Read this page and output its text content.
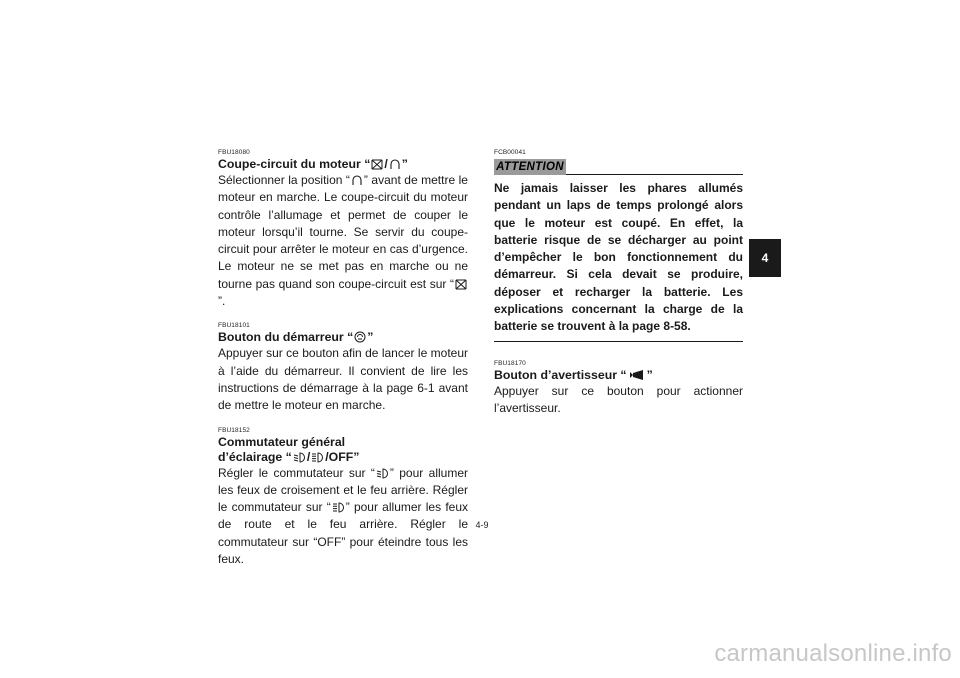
FBU18080

Coupe-circuit du moteur “ / ”

Sélectionner la position “ ” avant de mettre le moteur en marche. Le coupe-circuit du moteur contrôle l’allumage et permet de couper le moteur lorsqu’il tourne. Se servir du coupe-circuit pour arrêter le moteur en cas d’urgence. Le moteur ne se met pas en marche ou ne tourne pas quand son coupe-circuit est sur “
”.

FBU18101

Bouton du démarreur “ ”

Appuyer sur ce bouton afin de lancer le moteur à l’aide du démarreur. Il convient de lire les instructions de démarrage à la page 6-1 avant de mettre le moteur en marche.

FBU18152

Commutateur général

d’éclairage “ / /OFF”

Régler le commutateur sur “ ” pour allumer les feux de croisement et le feu arrière. Régler le commutateur sur “ ” pour allumer les feux de route et le feu arrière. Régler le commutateur sur “OFF” pour éteindre tous les feux.

FCB00041

ATTENTION

Ne jamais laisser les phares allumés pendant un laps de temps prolongé alors que le moteur est coupé. En effet, la batterie risque de se décharger au point d’empêcher le bon fonctionnement du démarreur. Si cela devait se produire, déposer et recharger la batterie. Les explications concernant la charge de la batterie se trouvent à la page 8-58.

FBU18170

Bouton d’avertisseur “ ”

Appuyer sur ce bouton pour actionner l’avertisseur.

4
4-9
carmanualsonline.info
